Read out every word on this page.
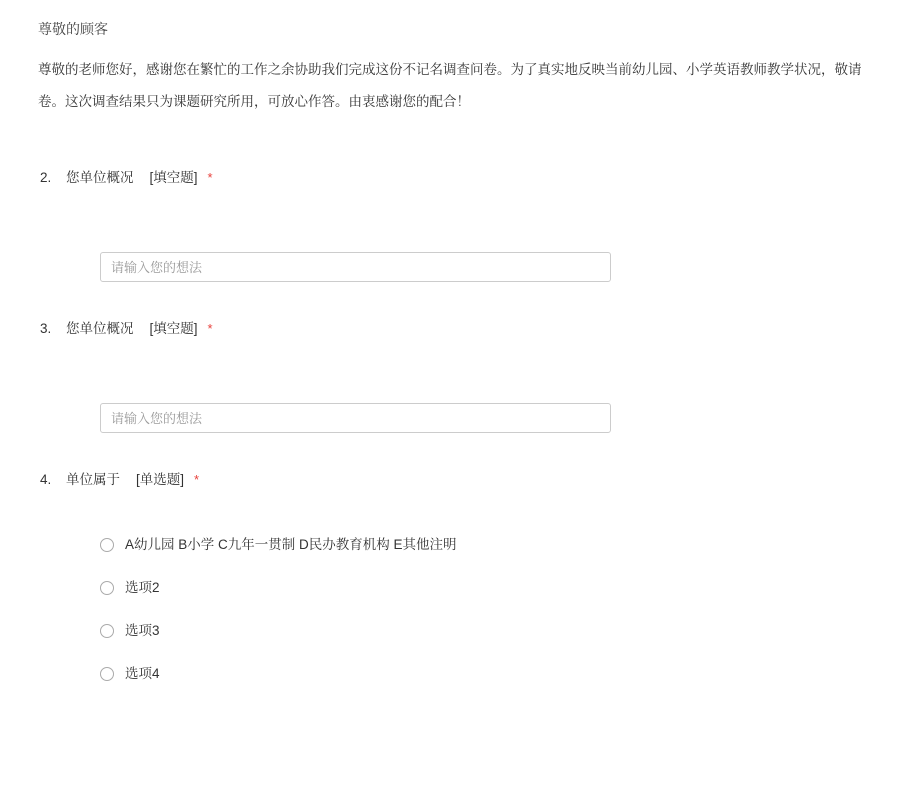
尊敬的顾客
尊敬的老师您好，感谢您在繁忙的工作之余协助我们完成这份不记名调查问卷。为了真实地反映当前幼儿园、小学英语教师教学状况，敬请
卷。这次调查结果只为课题研究所用，可放心作答。由衷感谢您的配合！
2.	您单位概况 [填空题] *
请输入您的想法
3.	您单位概况 [填空题] *
请输入您的想法
4.	单位属于 [单选题] *
A幼儿园 B小学 C九年一贯制 D民办教育机构 E其他注明
选项2
选项3
选项4
